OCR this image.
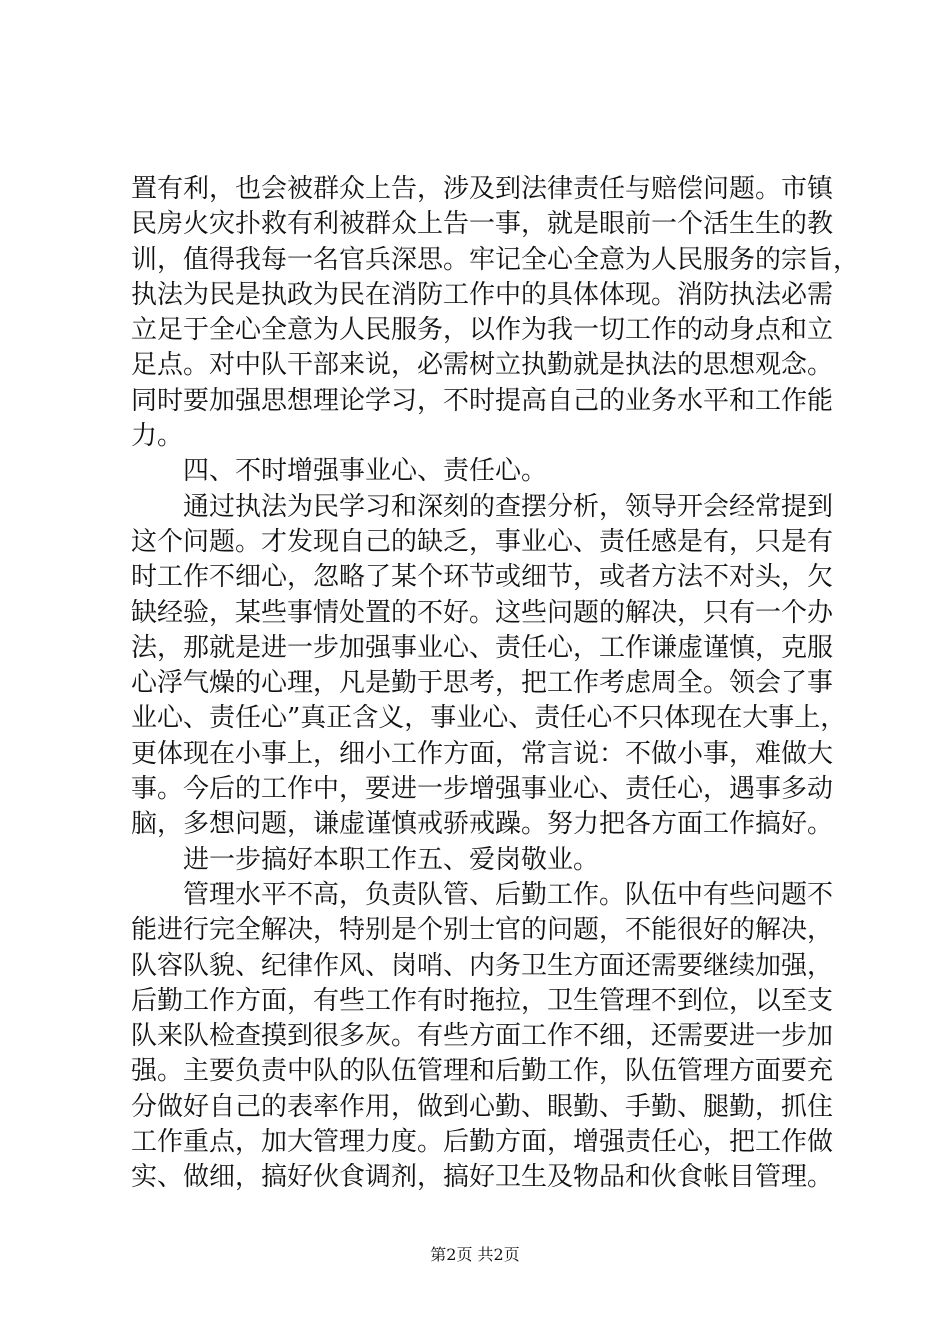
置有利，也会被群众上告，涉及到法律责任与赔偿问题。市镇
民房火灾扑救有利被群众上告一事，就是眼前一个活生生的教
训，值得我每一名官兵深思。牢记全心全意为人民服务的宗旨，
执法为民是执政为民在消防工作中的具体体现。消防执法必需
立足于全心全意为人民服务，以作为我一切工作的动身点和立
足点。对中队干部来说，必需树立执勤就是执法的思想观念。
同时要加强思想理论学习，不时提高自己的业务水平和工作能
力。
四、不时增强事业心、责任心。
通过执法为民学习和深刻的查摆分析，领导开会经常提到
这个问题。才发现自己的缺乏，事业心、责任感是有，只是有
时工作不细心，忽略了某个环节或细节，或者方法不对头，欠
缺经验，某些事情处置的不好。这些问题的解决，只有一个办
法，那就是进一步加强事业心、责任心，工作谦虚谨慎，克服
心浮气燥的心理，凡是勤于思考，把工作考虑周全。领会了事
业心、责任心”真正含义，事业心、责任心不只体现在大事上，
更体现在小事上，细小工作方面，常言说：不做小事，难做大
事。今后的工作中，要进一步增强事业心、责任心，遇事多动
脑，多想问题，谦虚谨慎戒骄戒躁。努力把各方面工作搞好。
进一步搞好本职工作五、爱岗敬业。
管理水平不高，负责队管、后勤工作。队伍中有些问题不
能进行完全解决，特别是个别士官的问题，不能很好的解决，
队容队貌、纪律作风、岗哨、内务卫生方面还需要继续加强，
后勤工作方面，有些工作有时拖拉，卫生管理不到位，以至支
队来队检查摸到很多灰。有些方面工作不细，还需要进一步加
强。主要负责中队的队伍管理和后勤工作，队伍管理方面要充
分做好自己的表率作用，做到心勤、眼勤、手勤、腿勤，抓住
工作重点，加大管理力度。后勤方面，增强责任心，把工作做
实、做细，搞好伙食调剂，搞好卫生及物品和伙食帐目管理。
第2页 共2页
